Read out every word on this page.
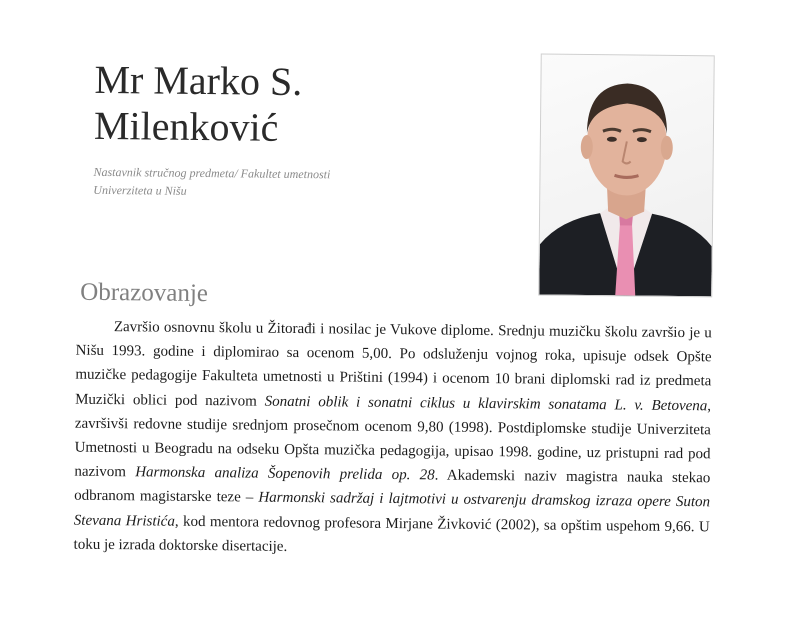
Mr Marko S.
Milenković

Nastavnik stručnog predmeta/ Fakultet umetnosti Univerziteta u Nišu

Obrazovanje

Završio osnovnu školu u Žitorađi i nosilac je Vukove diplome. Srednju muzičku školu završio je u Nišu 1993. godine i diplomirao sa ocenom 5,00. Po odsluženju vojnog roka, upisuje odsek Opšte muzičke pedagogije Fakulteta umetnosti u Prištini (1994) i ocenom 10 brani diplomski rad iz predmeta Muzički oblici pod nazivom Sonatni oblik i sonatni ciklus u klavirskim sonatama L. v. Betovena, završivši redovne studije srednjom prosečnom ocenom 9,80 (1998). Postdiplomske studije Univerziteta Umetnosti u Beogradu na odseku Opšta muzička pedagogija, upisao 1998. godine, uz pristupni rad pod nazivom Harmonska analiza Šopenovih prelida op. 28. Akademski naziv magistra nauka stekao odbranom magistarske teze – Harmonski sadržaj i lajtmotivi u ostvarenju dramskog izraza opere Suton Stevana Hristića, kod mentora redovnog profesora Mirjane Živković (2002), sa opštim uspehom 9,66. U toku je izrada doktorske disertacije.
